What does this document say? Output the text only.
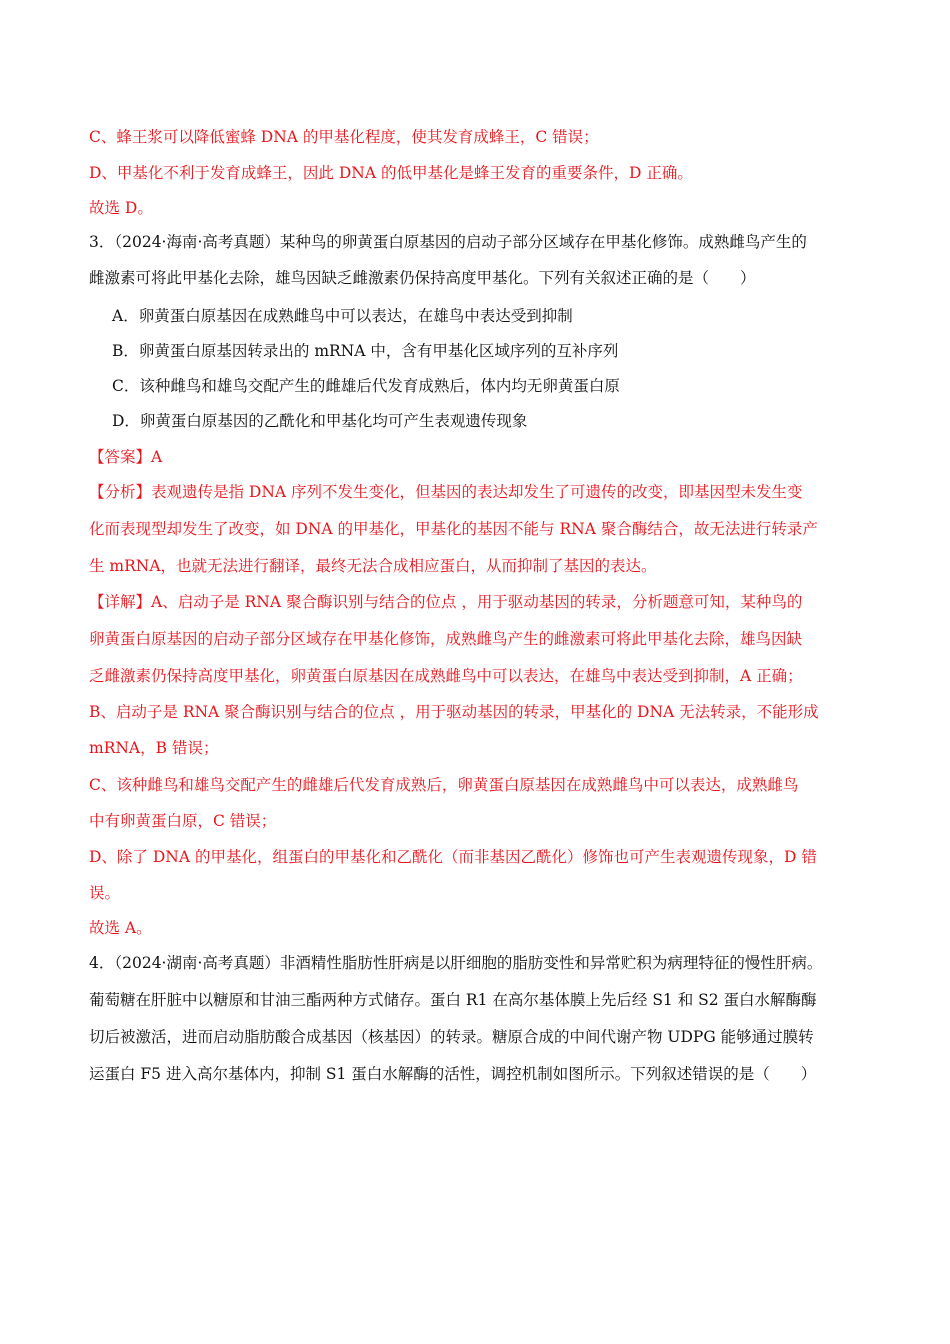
C、蜂王浆可以降低蜜蜂 DNA 的甲基化程度，使其发育成蜂王，C 错误；
D、甲基化不利于发育成蜂王，因此 DNA 的低甲基化是蜂王发育的重要条件，D 正确。
故选 D。
3．（2024·海南·高考真题）某种鸟的卵黄蛋白原基因的启动子部分区域存在甲基化修饰。成熟雌鸟产生的
雌激素可将此甲基化去除，雄鸟因缺乏雌激素仍保持高度甲基化。下列有关叙述正确的是（　　）
A．卵黄蛋白原基因在成熟雌鸟中可以表达，在雄鸟中表达受到抑制
B．卵黄蛋白原基因转录出的 mRNA 中，含有甲基化区域序列的互补序列
C．该种雌鸟和雄鸟交配产生的雌雄后代发育成熟后，体内均无卵黄蛋白原
D．卵黄蛋白原基因的乙酰化和甲基化均可产生表观遗传现象
【答案】A
【分析】表观遗传是指 DNA 序列不发生变化，但基因的表达却发生了可遗传的改变，即基因型未发生变
化而表现型却发生了改变，如 DNA 的甲基化，甲基化的基因不能与 RNA 聚合酶结合，故无法进行转录产
生 mRNA，也就无法进行翻译，最终无法合成相应蛋白，从而抑制了基因的表达。
【详解】A、启动子是 RNA 聚合酶识别与结合的位点 ，用于驱动基因的转录，分析题意可知，某种鸟的
卵黄蛋白原基因的启动子部分区域存在甲基化修饰，成熟雌鸟产生的雌激素可将此甲基化去除，雄鸟因缺
乏雌激素仍保持高度甲基化，卵黄蛋白原基因在成熟雌鸟中可以表达，在雄鸟中表达受到抑制，A 正确；
B、启动子是 RNA 聚合酶识别与结合的位点 ，用于驱动基因的转录，甲基化的 DNA 无法转录，不能形成
mRNA，B 错误；
C、该种雌鸟和雄鸟交配产生的雌雄后代发育成熟后，卵黄蛋白原基因在成熟雌鸟中可以表达，成熟雌鸟
中有卵黄蛋白原，C 错误；
D、除了 DNA 的甲基化，组蛋白的甲基化和乙酰化（而非基因乙酰化）修饰也可产生表观遗传现象，D 错
误。
故选 A。
4．（2024·湖南·高考真题）非酒精性脂肪性肝病是以肝细胞的脂肪变性和异常贮积为病理特征的慢性肝病。
葡萄糖在肝脏中以糖原和甘油三酯两种方式储存。蛋白 R1 在高尔基体膜上先后经 S1 和 S2 蛋白水解酶酶
切后被激活，进而启动脂肪酸合成基因（核基因）的转录。糖原合成的中间代谢产物 UDPG 能够通过膜转
运蛋白 F5 进入高尔基体内，抑制 S1 蛋白水解酶的活性，调控机制如图所示。下列叙述错误的是（　　）
